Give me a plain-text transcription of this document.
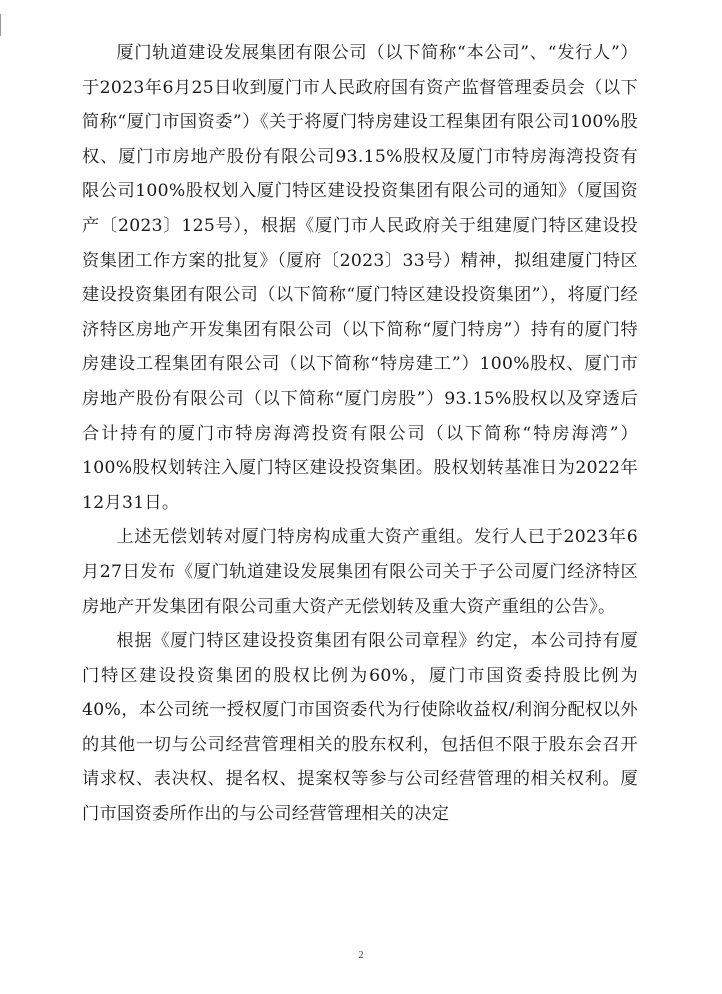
厦门轨道建设发展集团有限公司（以下简称“本公司”、“发行人”）于2023年6月25日收到厦门市人民政府国有资产监督管理委员会（以下简称“厦门市国资委”）《关于将厦门特房建设工程集团有限公司100%股权、厦门市房地产股份有限公司93.15%股权及厦门市特房海湾投资有限公司100%股权划入厦门特区建设投资集团有限公司的通知》（厦国资产〔2023〕125号），根据《厦门市人民政府关于组建厦门特区建设投资集团工作方案的批复》（厦府〔2023〕33号）精神，拟组建厦门特区建设投资集团有限公司（以下简称“厦门特区建设投资集团”），将厦门经济特区房地产开发集团有限公司（以下简称“厦门特房”）持有的厦门特房建设工程集团有限公司（以下简称“特房建工”）100%股权、厦门市房地产股份有限公司（以下简称“厦门房股”）93.15%股权以及穿透后合计持有的厦门市特房海湾投资有限公司（以下简称“特房海湾”）100%股权划转注入厦门特区建设投资集团。股权划转基准日为2022年12月31日。

上述无偿划转对厦门特房构成重大资产重组。发行人已于2023年6月27日发布《厦门轨道建设发展集团有限公司关于子公司厦门经济特区房地产开发集团有限公司重大资产无偿划转及重大资产重组的公告》。

根据《厦门特区建设投资集团有限公司章程》约定，本公司持有厦门特区建设投资集团的股权比例为60%，厦门市国资委持股比例为40%，本公司统一授权厦门市国资委代为行使除收益权/利润分配权以外的其他一切与公司经营管理相关的股东权利，包括但不限于股东会召开请求权、表决权、提名权、提案权等参与公司经营管理的相关权利。厦门市国资委所作出的与公司经营管理相关的决定

2
